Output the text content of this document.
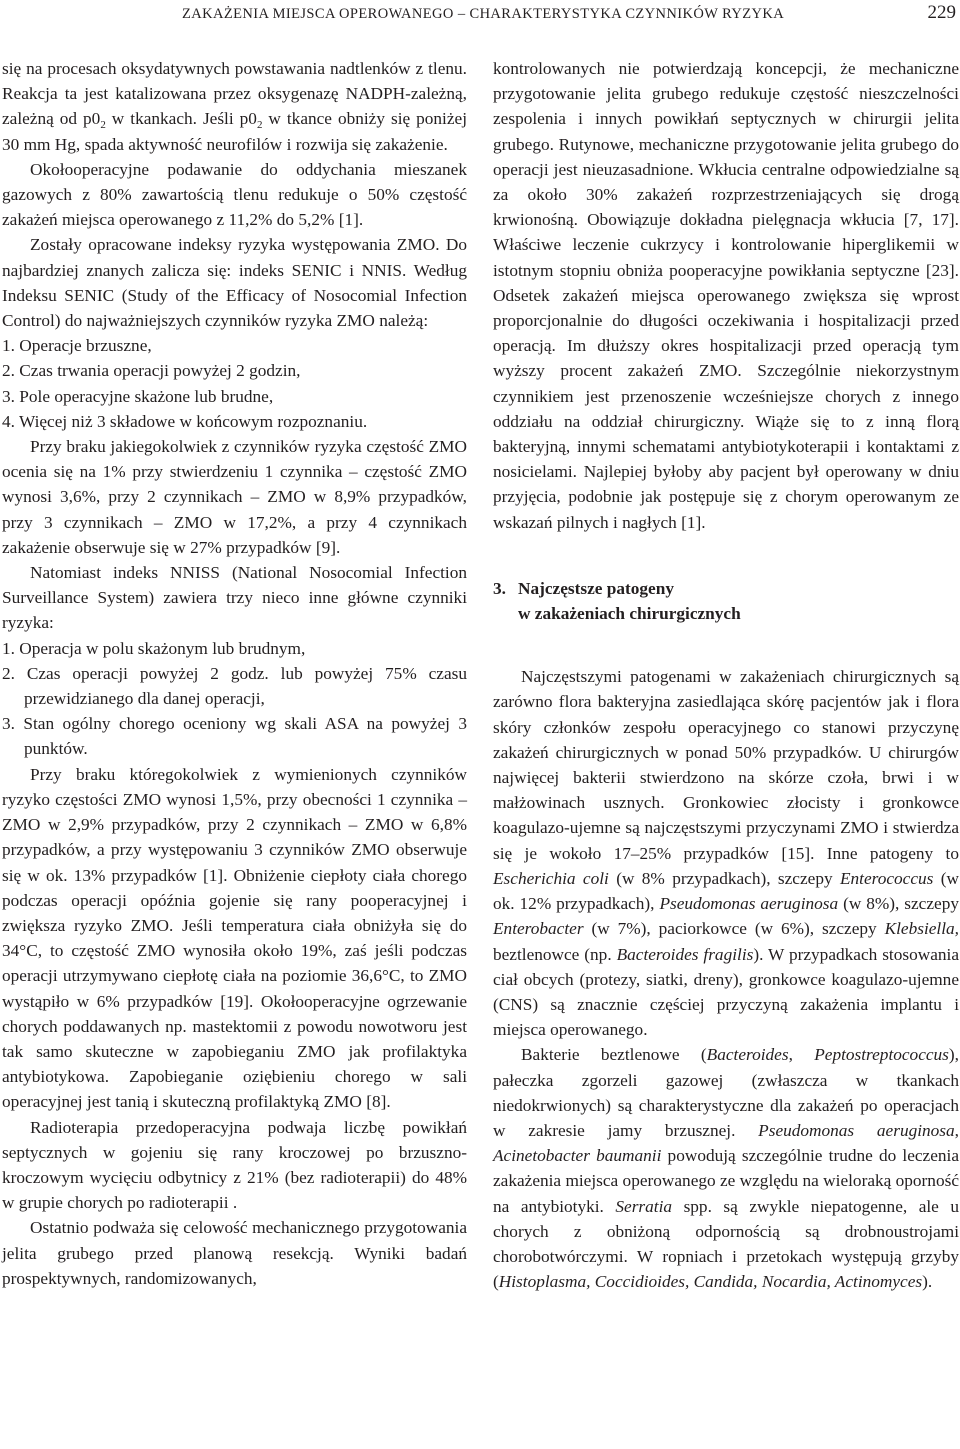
ZAKAŻENIA MIEJSCA OPEROWANEGO – CHARAKTERYSTYKA CZYNNIKÓW RYZYKA	229

się na procesach oksydatywnych powstawania nadtlenków z tlenu. Reakcja ta jest katalizowana przez oksygenazę NADPH-zależną, zależną od $p0_2$ w tkankach. Jeśli $p0_2$ w tkance obniży się poniżej 30 mm Hg, spada aktywność neurofilów i rozwija się zakażenie.

Okołooperacyjne podawanie do oddychania mieszanek gazowych z 80% zawartością tlenu redukuje o 50% częstość zakażeń miejsca operowanego z 11,2% do 5,2% [1].

Zostały opracowane indeksy ryzyka występowania ZMO. Do najbardziej znanych zalicza się: indeks SENIC i NNIS. Według Indeksu SENIC (Study of the Efficacy of Nosocomial Infection Control) do najważniejszych czynników ryzyka ZMO należą:

1. Operacje brzuszne,
2. Czas trwania operacji powyżej 2 godzin,
3. Pole operacyjne skażone lub brudne,
4. Więcej niż 3 składowe w końcowym rozpoznaniu.

Przy braku jakiegokolwiek z czynników ryzyka częstość ZMO ocenia się na 1% przy stwierdzeniu 1 czynnika – częstość ZMO wynosi 3,6%, przy 2 czynnikach – ZMO w 8,9% przypadków, przy 3 czynnikach – ZMO w 17,2%, a przy 4 czynnikach zakażenie obserwuje się w 27% przypadków [9].

Natomiast indeks NNISS (National Nosocomial Infection Surveillance System) zawiera trzy nieco inne główne czynniki ryzyka:

1. Operacja w polu skażonym lub brudnym,
2. Czas operacji powyżej 2 godz. lub powyżej 75% czasu przewidzianego dla danej operacji,
3. Stan ogólny chorego oceniony wg skali ASA na powyżej 3 punktów.

Przy braku któregokolwiek z wymienionych czynników ryzyko częstości ZMO wynosi 1,5%, przy obecności 1 czynnika – ZMO w 2,9% przypadków, przy 2 czynnikach – ZMO w 6,8% przypadków, a przy występowaniu 3 czynników ZMO obserwuje się w ok. 13% przypadków [1]. Obniżenie ciepłoty ciała chorego podczas operacji opóźnia gojenie się rany pooperacyjnej i zwiększa ryzyko ZMO. Jeśli temperatura ciała obniżyła się do 34°C, to częstość ZMO wynosiła około 19%, zaś jeśli podczas operacji utrzymywano ciepłotę ciała na poziomie 36,6°C, to ZMO wystąpiło w 6% przypadków [19]. Okołooperacyjne ogrzewanie chorych poddawanych np. mastektomii z powodu nowotworu jest tak samo skuteczne w zapobieganiu ZMO jak profilaktyka antybiotykowa. Zapobieganie oziębieniu chorego w sali operacyjnej jest tanią i skuteczną profilaktyką ZMO [8].

Radioterapia przedoperacyjna podwaja liczbę powikłań septycznych w gojeniu się rany kroczowej po brzuszno-kroczowym wycięciu odbytnicy z 21% (bez radioterapii) do 48% w grupie chorych po radioterapii .

Ostatnio podważa się celowość mechanicznego przygotowania jelita grubego przed planową resekcją. Wyniki badań prospektywnych, randomizowanych,

kontrolowanych nie potwierdzają koncepcji, że mechaniczne przygotowanie jelita grubego redukuje częstość nieszczelności zespolenia i innych powikłań septycznych w chirurgii jelita grubego. Rutynowe, mechaniczne przygotowanie jelita grubego do operacji jest nieuzasadnione. Wkłucia centralne odpowiedzialne są za około 30% zakażeń rozprzestrzeniających się drogą krwionośną. Obowiązuje dokładna pielęgnacja wkłucia [7, 17]. Właściwe leczenie cukrzycy i kontrolowanie hiperglikemii w istotnym stopniu obniża pooperacyjne powikłania septyczne [23]. Odsetek zakażeń miejsca operowanego zwiększa się wprost proporcjonalnie do długości oczekiwania i hospitalizacji przed operacją. Im dłuższy okres hospitalizacji przed operacją tym wyższy procent zakażeń ZMO. Szczególnie niekorzystnym czynnikiem jest przenoszenie wcześniejsze chorych z innego oddziału na oddział chirurgiczny. Wiąże się to z inną florą bakteryjną, innymi schematami antybiotykoterapii i kontaktami z nosicielami. Najlepiej byłoby aby pacjent był operowany w dniu przyjęcia, podobnie jak postępuje się z chorym operowanym ze wskazań pilnych i nagłych [1].

3. Najczęstsze patogeny
w zakażeniach chirurgicznych

Najczęstszymi patogenami w zakażeniach chirurgicznych są zarówno flora bakteryjna zasiedlająca skórę pacjentów jak i flora skóry członków zespołu operacyjnego co stanowi przyczynę zakażeń chirurgicznych w ponad 50% przypadków. U chirurgów najwięcej bakterii stwierdzono na skórze czoła, brwi i w małżowinach usznych. Gronkowiec złocisty i gronkowce koagulazo-ujemne są najczęstszymi przyczynami ZMO i stwierdza się je wokoło 17–25% przypadków [15]. Inne patogeny to Escherichia coli (w 8% przypadkach), szczepy Enterococcus (w ok. 12% przypadkach), Pseudomonas aeruginosa (w 8%), szczepy Enterobacter (w 7%), paciorkowce (w 6%), szczepy Klebsiella, beztlenowce (np. Bacteroides fragilis). W przypadkach stosowania ciał obcych (protezy, siatki, dreny), gronkowce koagulazo-ujemne (CNS) są znacznie częściej przyczyną zakażenia implantu i miejsca operowanego.

Bakterie beztlenowe (Bacteroides, Peptostreptococcus), pałeczka zgorzeli gazowej (zwłaszcza w tkankach niedokrwionych) są charakterystyczne dla zakażeń po operacjach w zakresie jamy brzusznej. Pseudomonas aeruginosa, Acinetobacter baumanii powodują szczególnie trudne do leczenia zakażenia miejsca operowanego ze względu na wieloraką oporność na antybiotyki. Serratia spp. są zwykle niepatogenne, ale u chorych z obniżoną odpornością są drobnoustrojami chorobotwórczymi. W ropniach i przetokach występują grzyby (Histoplasma, Coccidioides, Candida, Nocardia, Actinomyces).
